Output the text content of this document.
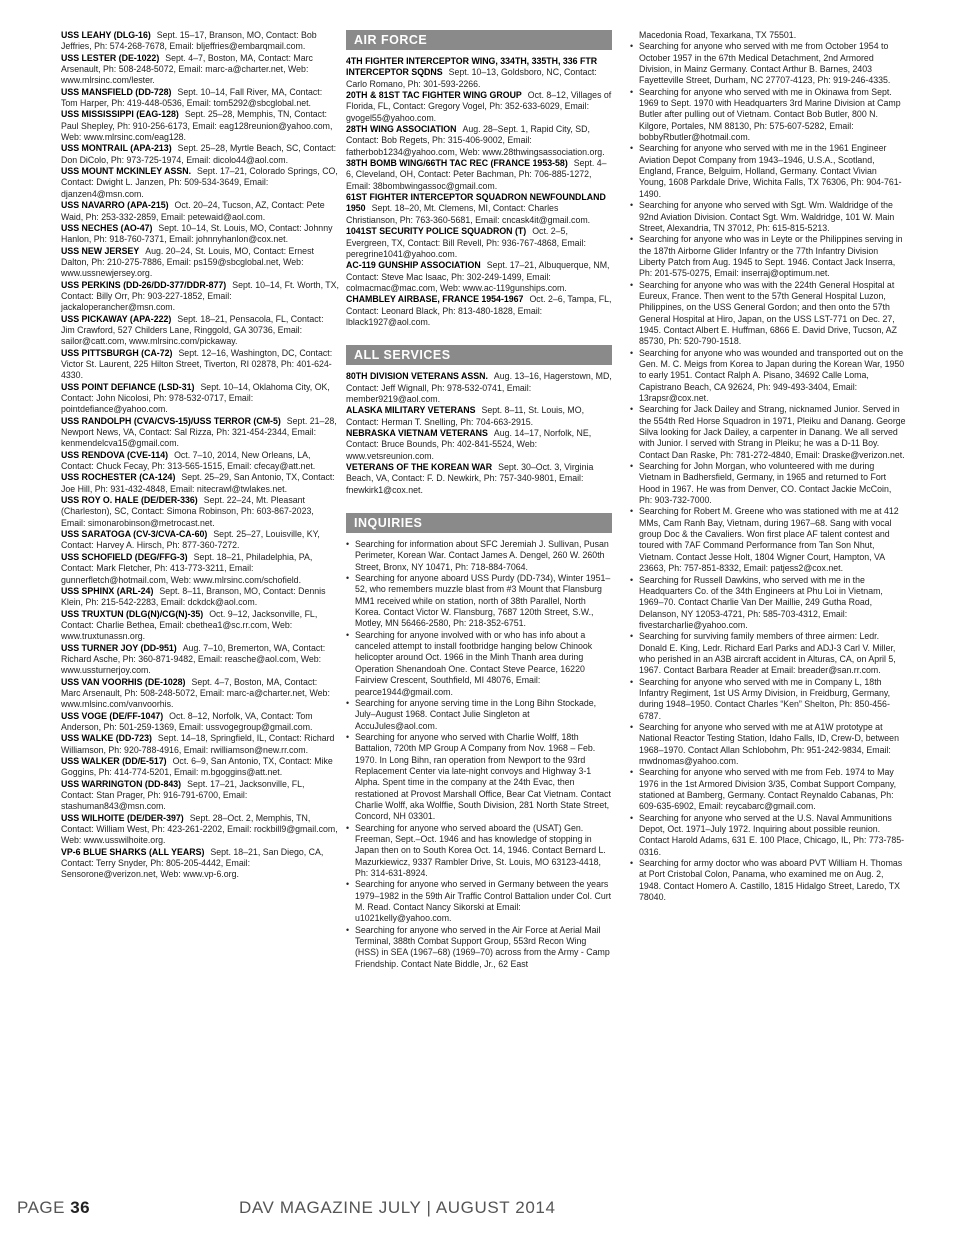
USS LEAHY (DLG-16) Sept. 15–17, Branson, MO, Contact: Bob Jeffries, Ph: 574-268-7678, Email: bljeffries@embarqmail.com.

USS LESTER (DE-1022) Sept. 4–7, Boston, MA, Contact: Marc Arsenault, Ph: 508-248-5072, Email: marc-a@charter.net, Web: www.mlrsinc.com/lester.

USS MANSFIELD (DD-728) Sept. 10–14, Fall River, MA, Contact: Tom Harper, Ph: 419-448-0536, Email: tom5292@sbcglobal.net.

USS MISSISSIPPI (EAG-128) Sept. 25–28, Memphis, TN, Contact: Paul Shepley, Ph: 910-256-6173, Email: eag128reunion@yahoo.com, Web: www.mlrsinc.com/eag128.

USS MONTRAIL (APA-213) Sept. 25–28, Myrtle Beach, SC, Contact: Don DiColo, Ph: 973-725-1974, Email: dicolo44@aol.com.

USS MOUNT MCKINLEY ASSN. Sept. 17–21, Colorado Springs, CO, Contact: Dwight L. Janzen, Ph: 509-534-3649, Email: djanzen4@msn.com.

USS NAVARRO (APA-215) Oct. 20–24, Tucson, AZ, Contact: Pete Waid, Ph: 253-332-2859, Email: petewaid@aol.com.

USS NECHES (AO-47) Sept. 10–14, St. Louis, MO, Contact: Johnny Hanlon, Ph: 918-760-7371, Email: johnnyhanlon@cox.net.

USS NEW JERSEY Aug. 20–24, St. Louis, MO, Contact: Ernest Dalton, Ph: 210-275-7886, Email: ps159@sbcglobal.net, Web: www.ussnewjersey.org.

USS PERKINS (DD-26/DD-377/DDR-877) Sept. 10–14, Ft. Worth, TX, Contact: Billy Orr, Ph: 903-227-1852, Email: jackaloperancher@msn.com.

USS PICKAWAY (APA-222) Sept. 18–21, Pensacola, FL, Contact: Jim Crawford, 527 Childers Lane, Ringgold, GA 30736, Email: sailor@catt.com, www.mlrsinc.com/pickaway.

USS PITTSBURGH (CA-72) Sept. 12–16, Washington, DC, Contact: Victor St. Laurent, 225 Hilton Street, Tiverton, RI 02878, Ph: 401-624-4330.

USS POINT DEFIANCE (LSD-31) Sept. 10–14, Oklahoma City, OK, Contact: John Nicolosi, Ph: 978-532-0717, Email: pointdefiance@yahoo.com.

USS RANDOLPH (CVA/CVS-15)/USS TERROR (CM-5) Sept. 21–28, Newport News, VA, Contact: Sal Rizza, Ph: 321-454-2344, Email: kenmendelcva15@gmail.com.

USS RENDOVA (CVE-114) Oct. 7–10, 2014, New Orleans, LA, Contact: Chuck Fecay, Ph: 313-565-1515, Email: cfecay@att.net.

USS ROCHESTER (CA-124) Sept. 25–29, San Antonio, TX, Contact: Joe Hill, Ph: 931-432-4848, Email: nitecrawl@twlakes.net.

USS ROY O. HALE (DE/DER-336) Sept. 22–24, Mt. Pleasant (Charleston), SC, Contact: Simona Robinson, Ph: 603-867-2023, Email: simonarobinson@metrocast.net.

USS SARATOGA (CV-3/CVA-CA-60) Sept. 25–27, Louisville, KY, Contact: Harvey A. Hirsch, Ph: 877-360-7272.

USS SCHOFIELD (DEG/FFG-3) Sept. 18–21, Philadelphia, PA, Contact: Mark Fletcher, Ph: 413-773-3211, Email: gunnerfletch@hotmail.com, Web: www.mlrsinc.com/schofield.

USS SPHINX (ARL-24) Sept. 8–11, Branson, MO, Contact: Dennis Klein, Ph: 215-542-2283, Email: dckdck@aol.com.

USS TRUXTUN (DLG(N)/CG(N)-35) Oct. 9–12, Jacksonville, FL, Contact: Charlie Bethea, Email: cbethea1@sc.rr.com, Web: www.truxtunassn.org.

USS TURNER JOY (DD-951) Aug. 7–10, Bremerton, WA, Contact: Richard Asche, Ph: 360-871-9482, Email: reasche@aol.com, Web: www.ussturnerjoy.com.

USS VAN VOORHIS (DE-1028) Sept. 4–7, Boston, MA, Contact: Marc Arsenault, Ph: 508-248-5072, Email: marc-a@charter.net, Web: www.mlsinc.com/vanvoorhis.

USS VOGE (DE/FF-1047) Oct. 8–12, Norfolk, VA, Contact: Tom Anderson, Ph: 501-259-1369, Email: ussvogegroup@gmail.com.

USS WALKE (DD-723) Sept. 14–18, Springfield, IL, Contact: Richard Williamson, Ph: 920-788-4916, Email: rwilliamson@new.rr.com.

USS WALKER (DD/E-517) Oct. 6–9, San Antonio, TX, Contact: Mike Goggins, Ph: 414-774-5201, Email: m.bgoggins@att.net.

USS WARRINGTON (DD-843) Sept. 17–21, Jacksonville, FL, Contact: Stan Prager, Ph: 916-791-6700, Email: stashuman843@msn.com.

USS WILHOITE (DE/DER-397) Sept. 28–Oct. 2, Memphis, TN, Contact: William West, Ph: 423-261-2202, Email: rockbill9@gmail.com, Web: www.usswilhoite.org.

VP-6 BLUE SHARKS (ALL YEARS) Sept. 18–21, San Diego, CA, Contact: Terry Snyder, Ph: 805-205-4442, Email: Sensorone@verizon.net, Web: www.vp-6.org.

AIR FORCE

4TH FIGHTER INTERCEPTOR WING, 334TH, 335TH, 336 FTR INTERCEPTOR SQDNS Sept. 10–13, Goldsboro, NC, Contact: Carlo Romano, Ph: 301-593-2266.

20TH & 81ST TAC FIGHTER WING GROUP Oct. 8–12, Villages of Florida, FL, Contact: Gregory Vogel, Ph: 352-633-6029, Email: gvogel55@yahoo.com.

28TH WING ASSOCIATION Aug. 28–Sept. 1, Rapid City, SD, Contact: Bob Regets, Ph: 315-406-9002, Email: fatherbob1234@yahoo.com, Web: www.28thwingsassociation.org.

38TH BOMB WING/66TH TAC REC (FRANCE 1953-58) Sept. 4–6, Cleveland, OH, Contact: Peter Bachman, Ph: 706-885-1272, Email: 38bombwingassoc@gmail.com.

61ST FIGHTER INTERCEPTOR SQUADRON NEWFOUNDLAND 1950 Sept. 18–20, Mt. Clemens, MI, Contact: Charles Christianson, Ph: 763-360-5681, Email: cncask4it@gmail.com.

1041ST SECURITY POLICE SQUADRON (T) Oct. 2–5, Evergreen, TX, Contact: Bill Revell, Ph: 936-767-4868, Email: peregrine1041@yahoo.com.

AC-119 GUNSHIP ASSOCIATION Sept. 17–21, Albuquerque, NM, Contact: Steve Mac Isaac, Ph: 302-249-1499, Email: colmacmac@mac.com, Web: www.ac-119gunships.com.

CHAMBLEY AIRBASE, FRANCE 1954-1967 Oct. 2–6, Tampa, FL, Contact: Leonard Black, Ph: 813-480-1828, Email: lblack1927@aol.com.

ALL SERVICES

80TH DIVISION VETERANS ASSN. Aug. 13–16, Hagerstown, MD, Contact: Jeff Wignall, Ph: 978-532-0741, Email: member9219@aol.com.

ALASKA MILITARY VETERANS Sept. 8–11, St. Louis, MO, Contact: Herman T. Snelling, Ph: 704-663-2915.

NEBRASKA VIETNAM VETERANS Aug. 14–17, Norfolk, NE, Contact: Bruce Bounds, Ph: 402-841-5524, Web: www.vetsreunion.com.

VETERANS OF THE KOREAN WAR Sept. 30–Oct. 3, Virginia Beach, VA, Contact: F. D. Newkirk, Ph: 757-340-9801, Email: fnewkirk1@cox.net.

INQUIRIES
• Searching for information about SFC Jeremiah J. Sullivan, Pusan Perimeter, Korean War. Contact James A. Dengel, 260 W. 260th Street, Bronx, NY 10471, Ph: 718-884-7064.
• Searching for anyone aboard USS Purdy (DD-734), Winter 1951–52, who remembers muzzle blast from #3 Mount that Flansburg MM1 received while on station, north of 38th Parallel, North Korea. Contact Victor W. Flansburg, 7687 120th Street, S.W., Motley, MN 56466-2580, Ph: 218-352-6751.
• Searching for anyone involved with or who has info about a canceled attempt to install footbridge hanging below Chinook helicopter around Oct. 1966 in the Minh Thanh area during Operation Shenandoah One. Contact Steve Pearce, 16220 Fairview Crescent, Southfield, MI 48076, Email: pearce1944@gmail.com.
• Searching for anyone serving time in the Long Bihn Stockade, July–August 1968. Contact Julie Singleton at AccuJules@aol.com.
• Searching for anyone who served with Charlie Wolff, 18th Battalion, 720th MP Group A Company from Nov. 1968 – Feb. 1970. In Long Bihn, ran operation from Newport to the 93rd Replacement Center via late-night convoys and Highway 3-1 Alpha. Spent time in the company at the 24th Evac, then restationed at Provost Marshall Office, Bear Cat Vietnam. Contact Charlie Wolff, aka Wolffie, South Division, 281 North State Street, Concord, NH 03301.
• Searching for anyone who served aboard the (USAT) Gen. Freeman, Sept.–Oct. 1946 and has knowledge of stopping in Japan then on to South Korea Oct. 14, 1946. Contact Bernard L. Mazurkiewicz, 9337 Rambler Drive, St. Louis, MO 63123-4418, Ph: 314-631-8924.
• Searching for anyone who served in Germany between the years 1979–1982 in the 59th Air Traffic Control Battalion under Col. Curt M. Read. Contact Nancy Sikorski at Email: u1021kelly@yahoo.com.
• Searching for anyone who served in the Air Force at Aerial Mail Terminal, 388th Combat Support Group, 553rd Recon Wing (HSS) in SEA (1967–68) (1969–70) across from the Army - Camp Friendship. Contact Nate Biddle, Jr., 62 East
Macedonia Road, Texarkana, TX 75501.
• Searching for anyone who served with me from October 1954 to October 1957 in the 67th Medical Detachment, 2nd Armored Division, in Mainz Germany. Contact Arthur B. Barnes, 2403 Fayetteville Street, Durham, NC 27707-4123, Ph: 919-246-4335.
• Searching for anyone who served with me in Okinawa from Sept. 1969 to Sept. 1970 with Headquarters 3rd Marine Division at Camp Butler after pulling out of Vietnam. Contact Bob Butler, 800 N. Kilgore, Portales, NM 88130, Ph: 575-607-5282, Email: bobbyRbutler@hotmail.com.
• Searching for anyone who served with me in the 1961 Engineer Aviation Depot Company from 1943–1946, U.S.A., Scotland, England, France, Belguim, Holland, Germany. Contact Vivian Young, 1608 Parkdale Drive, Wichita Falls, TX 76306, Ph: 904-761-1490.
• Searching for anyone who served with Sgt. Wm. Waldridge of the 92nd Aviation Division. Contact Sgt. Wm. Waldridge, 101 W. Main Street, Alexandria, TN 37012, Ph: 615-815-5213.
• Searching for anyone who was in Leyte or the Philippines serving in the 187th Airborne Glider Infantry or the 77th Infantry Division Liberty Patch from Aug. 1945 to Sept. 1946. Contact Jack Inserra, Ph: 201-575-0275, Email: inserraj@optimum.net.
• Searching for anyone who was with the 224th General Hospital at Eureux, France. Then went to the 57th General Hospital Luzon, Philippines, on the USS General Gordon; and then onto the 57th General Hospital at Hiro, Japan, on the USS LST-771 on Dec. 27, 1945. Contact Albert E. Huffman, 6866 E. David Drive, Tucson, AZ 85730, Ph: 520-790-1518.
• Searching for anyone who was wounded and transported out on the Gen. M. C. Meigs from Korea to Japan during the Korean War, 1950 to early 1951. Contact Ralph A. Pisano, 34692 Calle Loma, Capistrano Beach, CA 92624, Ph: 949-493-3404, Email: 13rapsr@cox.net.
• Searching for Jack Dailey and Strang, nicknamed Junior. Served in the 554th Red Horse Squadron in 1971, Pleiku and Danang. George Silva looking for Jack Dailey, a carpenter in Danang. We all served with Junior. I served with Strang in Pleiku; he was a D-11 Boy. Contact Dan Raske, Ph: 781-272-4840, Email: Draske@verizon.net.
• Searching for John Morgan, who volunteered with me during Vietnam in Badhersfield, Germany, in 1965 and returned to Fort Hood in 1967. He was from Denver, CO. Contact Jackie McCoin, Ph: 903-732-7000.
• Searching for Robert M. Greene who was stationed with me at 412 MMs, Cam Ranh Bay, Vietnam, during 1967–68. Sang with vocal group Doc & the Cavaliers. Won first place AF talent contest and toured with 7AF Command Performance from Tan Son Nhut, Vietnam. Contact Jesse Holt, 1804 Wigner Court, Hampton, VA 23663, Ph: 757-851-8332, Email: patjess2@cox.net.
• Searching for Russell Dawkins, who served with me in the Headquarters Co. of the 34th Engineers at Phu Loi in Vietnam, 1969–70. Contact Charlie Van Der Maillie, 249 Gutha Road, Delanson, NY 12053-4721, Ph: 585-703-4312, Email: fivestarcharlie@yahoo.com.
• Searching for surviving family members of three airmen: Ledr. Donald E. King, Ledr. Richard Earl Parks and ADJ-3 Carl V. Miller, who perished in an A3B aircraft accident in Alturas, CA, on April 5, 1967. Contact Barbara Reader at Email: breader@san.rr.com.
• Searching for anyone who served with me in Company L, 18th Infantry Regiment, 1st US Army Division, in Freidburg, Germany, during 1948–1950. Contact Charles “Ken” Shelton, Ph: 850-456-6787.
• Searching for anyone who served with me at A1W prototype at National Reactor Testing Station, Idaho Falls, ID, Crew-D, between 1968–1970. Contact Allan Schlobohm, Ph: 951-242-9834, Email: mwdnomas@yahoo.com.
• Searching for anyone who served with me from Feb. 1974 to May 1976 in the 1st Armored Division 3/35, Combat Support Company, stationed at Bamberg, Germany. Contact Reynaldo Cabanas, Ph: 609-635-6902, Email: reycabarc@gmail.com.
• Searching for anyone who served at the U.S. Naval Ammunitions Depot, Oct. 1971–July 1972. Inquiring about possible reunion. Contact Harold Adams, 631 E. 100 Place, Chicago, IL, Ph: 773-785-0316.
• Searching for army doctor who was aboard PVT William H. Thomas at Port Cristobal Colon, Panama, who examined me on Aug. 2, 1948. Contact Homero A. Castillo, 1815 Hidalgo Street, Laredo, TX 78040.
PAGE 36	DAV MAGAZINE JULY | AUGUST 2014
